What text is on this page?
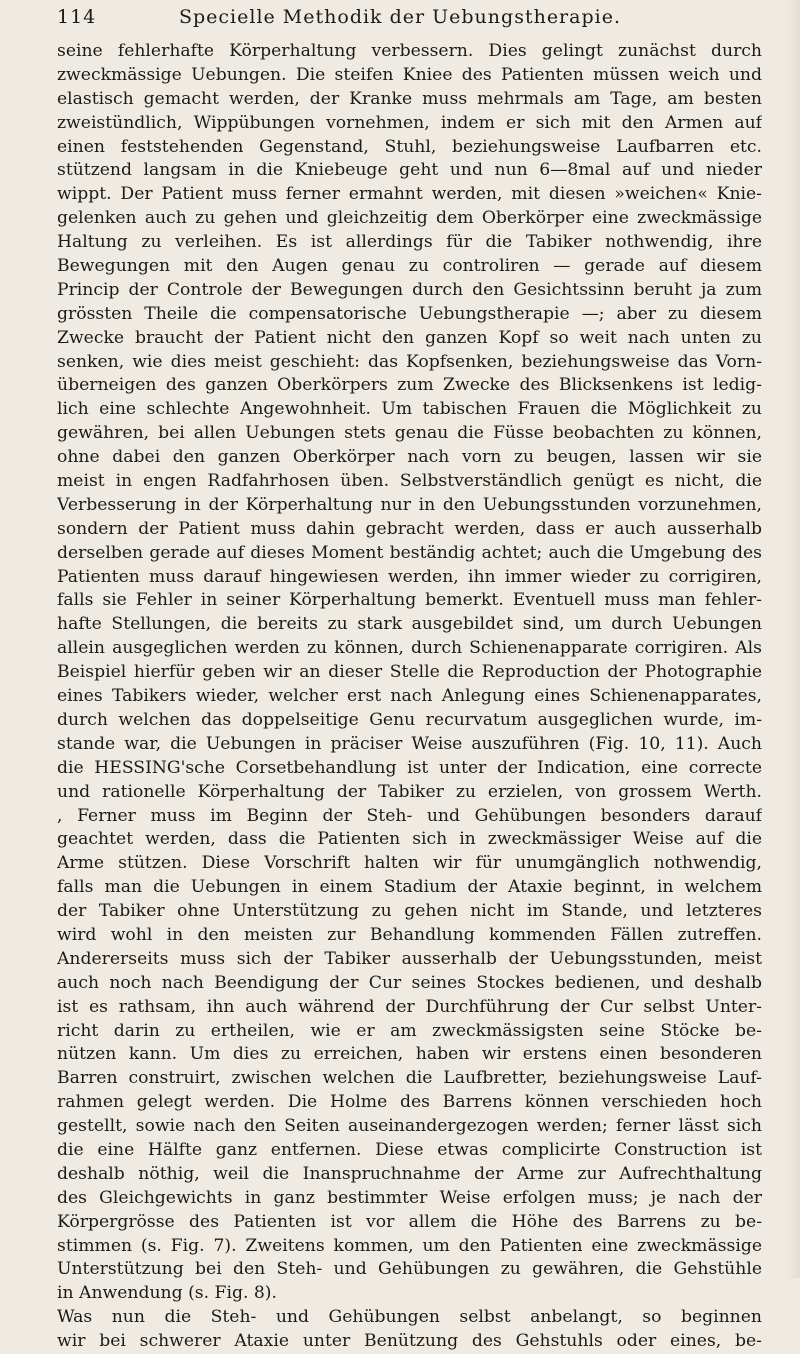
114	Specielle Methodik der Uebungstherapie.
seine fehlerhafte Körperhaltung verbessern. Dies gelingt zunächst durch
zweckmässige Uebungen. Die steifen Kniee des Patienten müssen weich und
elastisch gemacht werden, der Kranke muss mehrmals am Tage, am besten
zweistündlich, Wippübungen vornehmen, indem er sich mit den Armen auf
einen feststehenden Gegenstand, Stuhl, beziehungsweise Laufbarren etc.
stützend langsam in die Kniebeuge geht und nun 6—8mal auf und nieder
wippt. Der Patient muss ferner ermahnt werden, mit diesen »weichen« Knie-
gelenken auch zu gehen und gleichzeitig dem Oberkörper eine zweckmässige
Haltung zu verleihen. Es ist allerdings für die Tabiker nothwendig, ihre
Bewegungen mit den Augen genau zu controliren — gerade auf diesem
Princip der Controle der Bewegungen durch den Gesichtssinn beruht ja zum
grössten Theile die compensatorische Uebungstherapie —; aber zu diesem
Zwecke braucht der Patient nicht den ganzen Kopf so weit nach unten zu
senken, wie dies meist geschieht: das Kopfsenken, beziehungsweise das Vorn-
überneigen des ganzen Oberkörpers zum Zwecke des Blicksenkens ist ledig-
lich eine schlechte Angewohnheit. Um tabischen Frauen die Möglichkeit zu
gewähren, bei allen Uebungen stets genau die Füsse beobachten zu können,
ohne dabei den ganzen Oberkörper nach vorn zu beugen, lassen wir sie
meist in engen Radfahrhosen üben. Selbstverständlich genügt es nicht, die
Verbesserung in der Körperhaltung nur in den Uebungsstunden vorzunehmen,
sondern der Patient muss dahin gebracht werden, dass er auch ausserhalb
derselben gerade auf dieses Moment beständig achtet; auch die Umgebung des
Patienten muss darauf hingewiesen werden, ihn immer wieder zu corrigiren,
falls sie Fehler in seiner Körperhaltung bemerkt. Eventuell muss man fehler-
hafte Stellungen, die bereits zu stark ausgebildet sind, um durch Uebungen
allein ausgeglichen werden zu können, durch Schienenapparate corrigiren. Als
Beispiel hierfür geben wir an dieser Stelle die Reproduction der Photographie
eines Tabikers wieder, welcher erst nach Anlegung eines Schienenapparates,
durch welchen das doppelseitige Genu recurvatum ausgeglichen wurde, im-
stande war, die Uebungen in präciser Weise auszuführen (Fig. 10, 11). Auch
die HESSING'sche Corsetbehandlung ist unter der Indication, eine correcte
und rationelle Körperhaltung der Tabiker zu erzielen, von grossem Werth.
, Ferner muss im Beginn der Steh- und Gehübungen besonders darauf
geachtet werden, dass die Patienten sich in zweckmässiger Weise auf die
Arme stützen. Diese Vorschrift halten wir für unumgänglich nothwendig,
falls man die Uebungen in einem Stadium der Ataxie beginnt, in welchem
der Tabiker ohne Unterstützung zu gehen nicht im Stande, und letzteres
wird wohl in den meisten zur Behandlung kommenden Fällen zutreffen.
Andererseits muss sich der Tabiker ausserhalb der Uebungsstunden, meist
auch noch nach Beendigung der Cur seines Stockes bedienen, und deshalb
ist es rathsam, ihn auch während der Durchführung der Cur selbst Unter-
richt darin zu ertheilen, wie er am zweckmässigsten seine Stöcke be-
nützen kann. Um dies zu erreichen, haben wir erstens einen besonderen
Barren construirt, zwischen welchen die Laufbretter, beziehungsweise Lauf-
rahmen gelegt werden. Die Holme des Barrens können verschieden hoch
gestellt, sowie nach den Seiten auseinandergezogen werden; ferner lässt sich
die eine Hälfte ganz entfernen. Diese etwas complicirte Construction ist
deshalb nöthig, weil die Inanspruchnahme der Arme zur Aufrechthaltung
des Gleichgewichts in ganz bestimmter Weise erfolgen muss; je nach der
Körpergrösse des Patienten ist vor allem die Höhe des Barrens zu be-
stimmen (s. Fig. 7). Zweitens kommen, um den Patienten eine zweckmässige
Unterstützung bei den Steh- und Gehübungen zu gewähren, die Gehstühle
in Anwendung (s. Fig. 8).
Was nun die Steh- und Gehübungen selbst anbelangt, so beginnen
wir bei schwerer Ataxie unter Benützung des Gehstuhls oder eines, be-
